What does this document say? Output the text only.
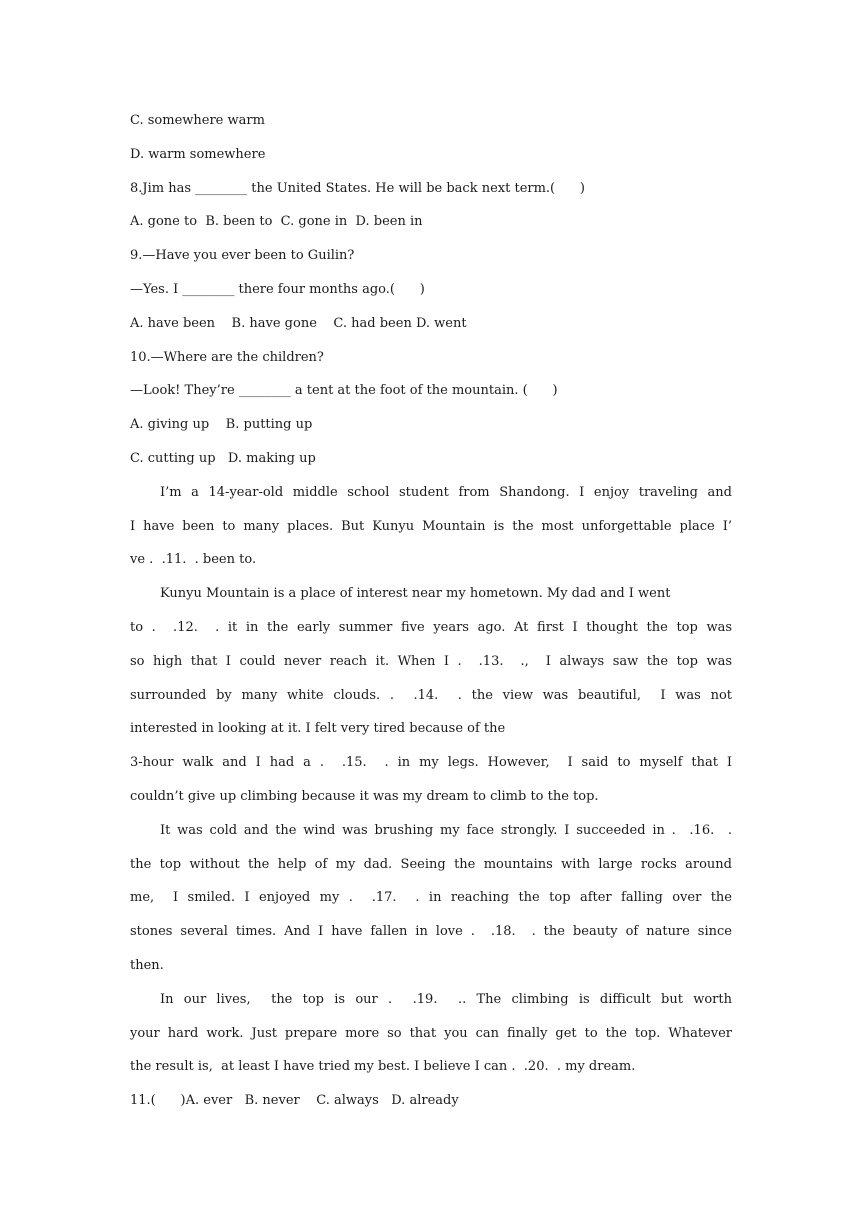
C. somewhere warm
D. warm somewhere
8.Jim has ________ the United States. He will be back next term.(      )
A. gone to  B. been to  C. gone in  D. been in
9.—Have you ever been to Guilin?
—Yes. I ________ there four months ago.(      )
A. have been    B. have gone    C. had been D. went
10.—Where are the children?
—Look! They’re ________ a tent at the foot of the mountain. (      )
A. giving up    B. putting up
C. cutting up   D. making up
I’m a 14-year-old middle school student from Shandong. I enjoy traveling and
I have been to many places. But Kunyu Mountain is the most unforgettable place I’
ve .  .11.  . been to.
Kunyu Mountain is a place of interest near my hometown. My dad and I went
to .  .12.  . it in the early summer five years ago. At first I thought the top was
so high that I could never reach it. When I .  .13.  .,  I always saw the top was
surrounded by many white clouds. .  .14.  . the view was beautiful,  I was not
interested in looking at it. I felt very tired because of the
3-hour walk and I had a .  .15.  . in my legs. However,  I said to myself that I
couldn’t give up climbing because it was my dream to climb to the top.
It was cold and the wind was brushing my face strongly. I succeeded in .  .16.  .
the top without the help of my dad. Seeing the mountains with large rocks around
me,  I smiled. I enjoyed my .  .17.  . in reaching the top after falling over the
stones several times. And I have fallen in love .  .18.  . the beauty of nature since
then.
In our lives,  the top is our .  .19.  .. The climbing is difficult but worth
your hard work. Just prepare more so that you can finally get to the top. Whatever
the result is,  at least I have tried my best. I believe I can .  .20.  . my dream.
11.(      )A. ever   B. never    C. always   D. already
